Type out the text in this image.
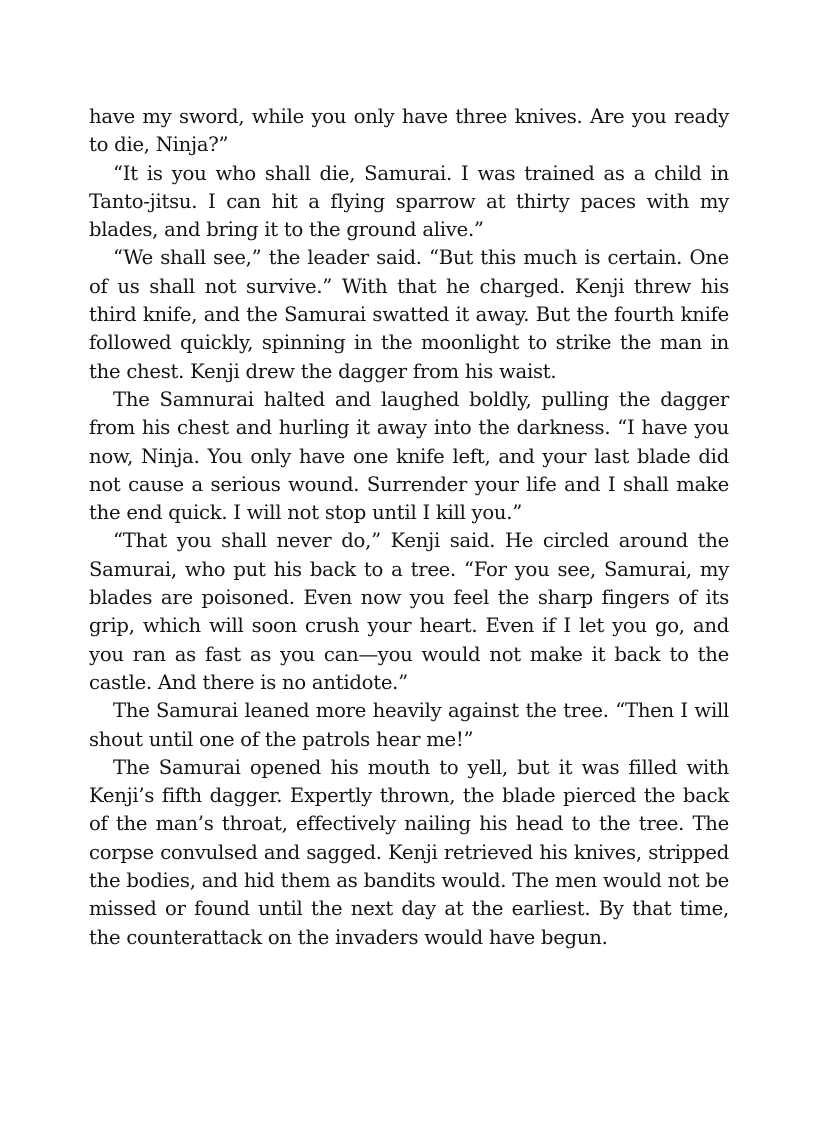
have my sword, while you only have three knives. Are you ready to die, Ninja?”

“It is you who shall die, Samurai. I was trained as a child in Tanto-jitsu. I can hit a flying sparrow at thirty paces with my blades, and bring it to the ground alive.”

“We shall see,” the leader said. “But this much is certain. One of us shall not survive.” With that he charged. Kenji threw his third knife, and the Samurai swatted it away. But the fourth knife followed quickly, spinning in the moonlight to strike the man in the chest. Kenji drew the dagger from his waist.

The Samnurai halted and laughed boldly, pulling the dagger from his chest and hurling it away into the darkness. “I have you now, Ninja. You only have one knife left, and your last blade did not cause a serious wound. Surrender your life and I shall make the end quick. I will not stop until I kill you.”

“That you shall never do,” Kenji said. He circled around the Samurai, who put his back to a tree. “For you see, Samurai, my blades are poisoned. Even now you feel the sharp fingers of its grip, which will soon crush your heart. Even if I let you go, and you ran as fast as you can—you would not make it back to the castle. And there is no antidote.”

The Samurai leaned more heavily against the tree. “Then I will shout until one of the patrols hear me!”

The Samurai opened his mouth to yell, but it was filled with Kenji’s fifth dagger. Expertly thrown, the blade pierced the back of the man’s throat, effectively nailing his head to the tree. The corpse convulsed and sagged. Kenji retrieved his knives, stripped the bodies, and hid them as bandits would. The men would not be missed or found until the next day at the earliest. By that time, the counterattack on the invaders would have begun.
